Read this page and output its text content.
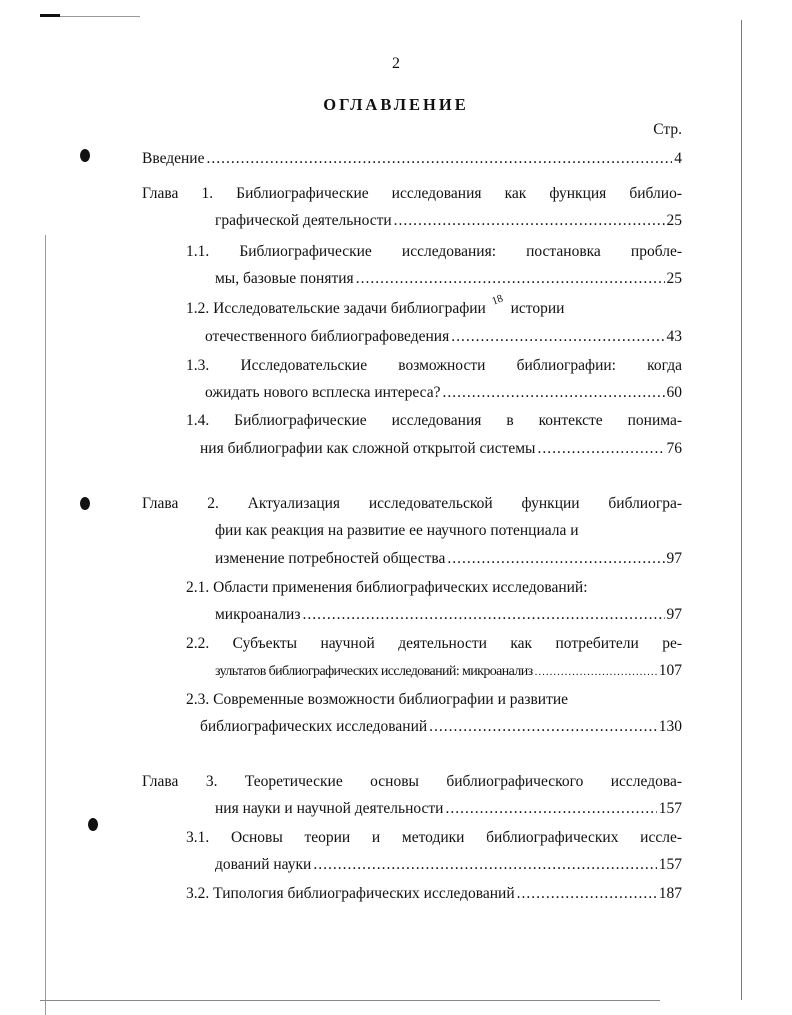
2
ОГЛАВЛЕНИЕ
Стр.
Введение .....	4
Глава 1. Библиографические исследования как функция библио-
графической деятельности .....	25
1.1. Библиографические исследования: постановка пробле-
мы, базовые понятия .....	25
1.2. Исследовательские задачи библиографии 18 истории
отечественного библиографоведения .....	43
1.3. Исследовательские возможности библиографии: когда
ожидать нового всплеска интереса? .....	60
1.4. Библиографические исследования в контексте понима-
ния библиографии как сложной открытой системы .....	76
Глава 2. Актуализация исследовательской функции библиогра-
фии как реакция на развитие ее научного потенциала и
изменение потребностей общества .....	97
2.1. Области применения библиографических исследований:
микроанализ .....	97
2.2. Субъекты научной деятельности как потребители ре-
зультатов библиографических исследований: микроанализ .....	107
2.3. Современные возможности библиографии и развитие
библиографических исследований .....	130
Глава 3. Теоретические основы библиографического исследова-
ния науки и научной деятельности .....	157
3.1. Основы теории и методики библиографических иссле-
дований науки .....	157
3.2. Типология библиографических исследований .....	187
